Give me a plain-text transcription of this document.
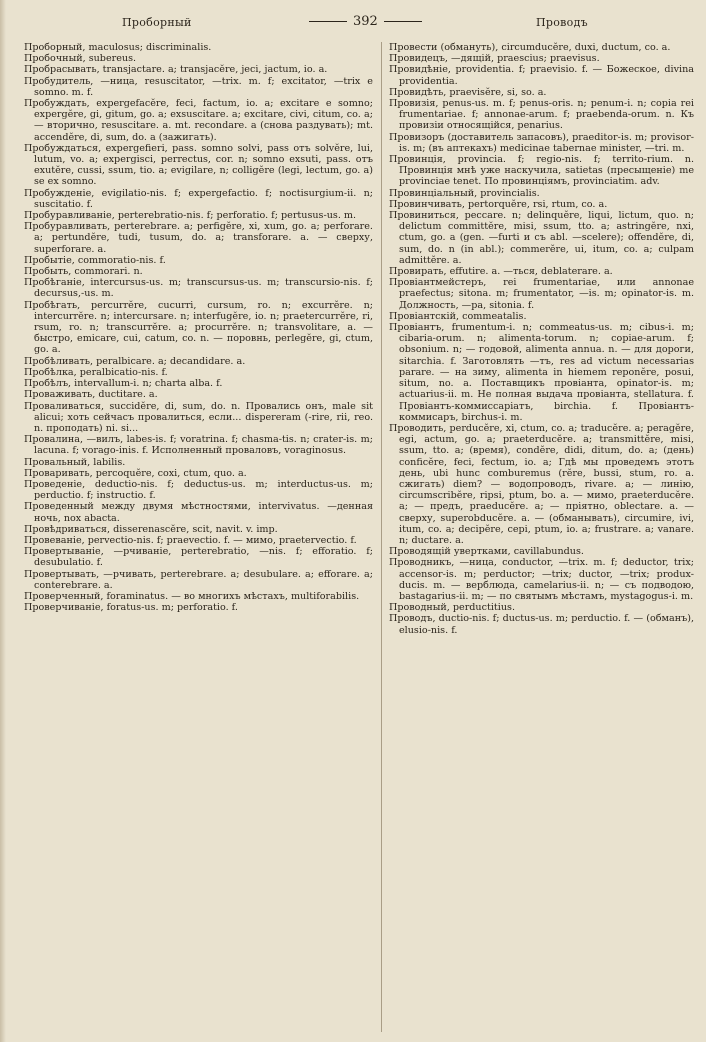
Проборный	392	Проводъ

Проборный, maculosus; discriminalis.

Пробочный, subereus.

Пробрасывать, transjactare. a; transjacĕre, jeci, jactum, io. a.

Пробудитель, —ница, resuscitator, —trix. m. f; excitator, —trix e somno. m. f.

Пробуждать, expergefacĕre, feci, factum, io. a; excitare e somno; expergĕre, gi, gitum, go. a; exsuscitare. a; excitare, civi, citum, co. a; — вторично, resuscitare. a. mt. recondare. a (снова раздувать); mt. accendĕre, di, sum, do. a (зажигать).

Пробуждаться, expergefieri, pass. somno solvi, pass отъ solvĕre, lui, lutum, vo. a; expergisci, perrectus, cor. n; somno exsuti, pass. отъ exutĕre, cussi, ssum, tio. a; evigilare, n; colligĕre (legi, lectum, go. a) se ex somno.

Пробужденіе, evigilatio-nis. f; expergefactio. f; noctisurgium-ii. n; suscitatio. f.

Пробуравливанiе, perterebratio-nis. f; perforatio. f; pertusus-us. m.

Пробуравливать, perterebrare. a; perfigĕre, xi, xum, go. a; perforare. a; pertundĕre, tudi, tusum, do. a; transforare. a. — сверху, superforare. a.

Пробытіе, commoratio-nis. f.

Пробыть, commorari. n.

Пробѣганіе, intercursus-us. m; transcursus-us. m; transcursio-nis. f; decursus,-us. m.

Пробѣгать, percurrĕre, cucurri, cursum, ro. n; excurrĕre. n; intercurrĕre. n; intercursare. n; interfugĕre, io. n; praetercurrĕre, ri, rsum, ro. n; transcurrĕre. a; procurrĕre. n; transvolitare, a. — быстро, emicare, cui, catum, co. n. — поровнь, perlegĕre, gi, ctum, go. a.

Пробѣливать, peralbicare. a; decandidare. a.

Пробѣлка, peralbicatio-nis. f.

Пробѣлъ, intervallum-i. n; charta alba. f.

Проваживать, ductitare. a.

Проваливаться, succidĕre, di, sum, do. n. Провались онъ, male sit alicui; хоть сейчасъ провалиться, если... dispereram (-rire, rii, reo. n. проподать) ni. si...

Провалина, —вилъ, labes-is. f; voratrina. f; chasma-tis. n; crater-is. m; lacuna. f; vorago-inis. f. Исполненный проваловъ, voraginosus.

Провальный, labilis.

Проваривать, percoquĕre, coxi, ctum, quo. a.

Проведеніе, deductio-nis. f; deductus-us. m; interductus-us. m; perductio. f; instructio. f.

Проведенный между двумя мѣстностями, intervivatus. —денная ночь, nox abacta.

Провѣдриваться, disserenascĕre, scit, navit. v. imp.

Провеваніе, pervectio-nis. f; praevectio. f. — мимо, praetervectio. f.

Провертываніе, —рчиваніе, perterebratio, —nis. f; efforatio. f; desubulatio. f.

Провертывать, —рчивать, perterebrare. a; desubulare. a; efforare. a; conterebrare. a.

Проверченный, foraminatus. — во многихъ мѣстахъ, multiforabilis.

Проверчиваніе, foratus-us. m; perforatio. f.

Провести (обмануть), circumducĕre, duxi, ductum, co. a.

Провидецъ, —дящій, praescius; praevisus.

Провидѣніе, providentia. f; praevisio. f. — Божеское, divina providentia.

Провидѣть, praevisĕre, si, so. a.

Провизія, penus-us. m. f; penus-oris. n; penum-i. n; copia rei frumentariae. f; annonae-arum. f; praebenda-orum. n. Къ провизіи относящійся, penarius.

Провизоръ (доставитель запасовъ), praeditor-is. m; provisor-is. m; (въ аптекахъ) medicinae tabernae minister, —tri. m.

Провинція, provincia. f; regio-nis. f; territo-rium. n. Провинція мнѣ уже наскучила, satietas (пресыщеніе) me provinciae tenet. По провинціямъ, provinciatim. adv.

Провинціальный, provincialis.

Провинчивать, pertorquĕre, rsi, rtum, co. a.

Провиниться, peccare. n; delinquĕre, liqui, lictum, quo. n; delictum committĕre, misi, ssum, tto. a; astringĕre, nxi, ctum, go. a (gen. —furti и съ abl. —scelere); offendĕre, di, sum, do. n (in abl.); commerĕre, ui, itum, co. a; culpam admittĕre. a.

Провирать, effutire. a. —ться, deblaterare. a.

Провіантмейстеръ, rei frumentariae, или annonae praefectus; sitona. m; frumentator, —is. m; opinator-is. m. Должность, —ра, sitonia. f.

Провіантскій, commeatalis.

Провіантъ, frumentum-i. n; commeatus-us. m; cibus-i. m; cibaria-orum. n; alimenta-torum. n; copiae-arum. f; obsonium. n; — годовой, alimenta annua. n. — для дороги, sitarchia. f. Заготовлять —тъ, res ad victum necessarias parare. — на зиму, alimenta in hiemem reponĕre, posui, situm, no. a. Поставщикъ провіанта, opinator-is. m; actuarius-ii. m. Не полная выдача провіанта, stellatura. f. Провіантъ-коммиссаріатъ, birchia. f. Провіантъ-коммисаръ, birchus-i. m.

Проводить, perducĕre, xi, ctum, co. a; traducĕre. a; peragĕre, egi, actum, go. a; praeterducĕre. a; transmittĕre, misi, ssum, tto. a; (время), condĕre, didi, ditum, do. a; (день) conficĕre, feci, fectum, io. a; Гдѣ мы проведемъ этотъ день, ubi hunc comburemus (rĕre, bussi, stum, ro. a. сжигать) diem? — водопроводъ, rivare. a; — линію, circumscribĕre, ripsi, ptum, bo. a. — мимо, praeterducĕre. a; — предъ, praeducĕre. a; — пріятно, oblectare. a. — сверху, superobducĕre. a. — (обманывать), circumire, ivi, itum, co. a; decipĕre, cepi, ptum, io. a; frustrare. a; vanare. n; ductare. a.

Проводящій увертками, cavillabundus.

Проводникъ, —ница, conductor, —trix. m. f; deductor, trix; accensor-is. m; perductor; —trix; ductor, —trix; produx-ducis. m. — верблюда, camelarius-ii. n; — съ подводою, bastagarius-ii. m; — по святымъ мѣстамъ, mystagogus-i. m.

Проводный, perductitius.

Проводъ, ductio-nis. f; ductus-us. m; perductio. f. — (обманъ), elusio-nis. f.
